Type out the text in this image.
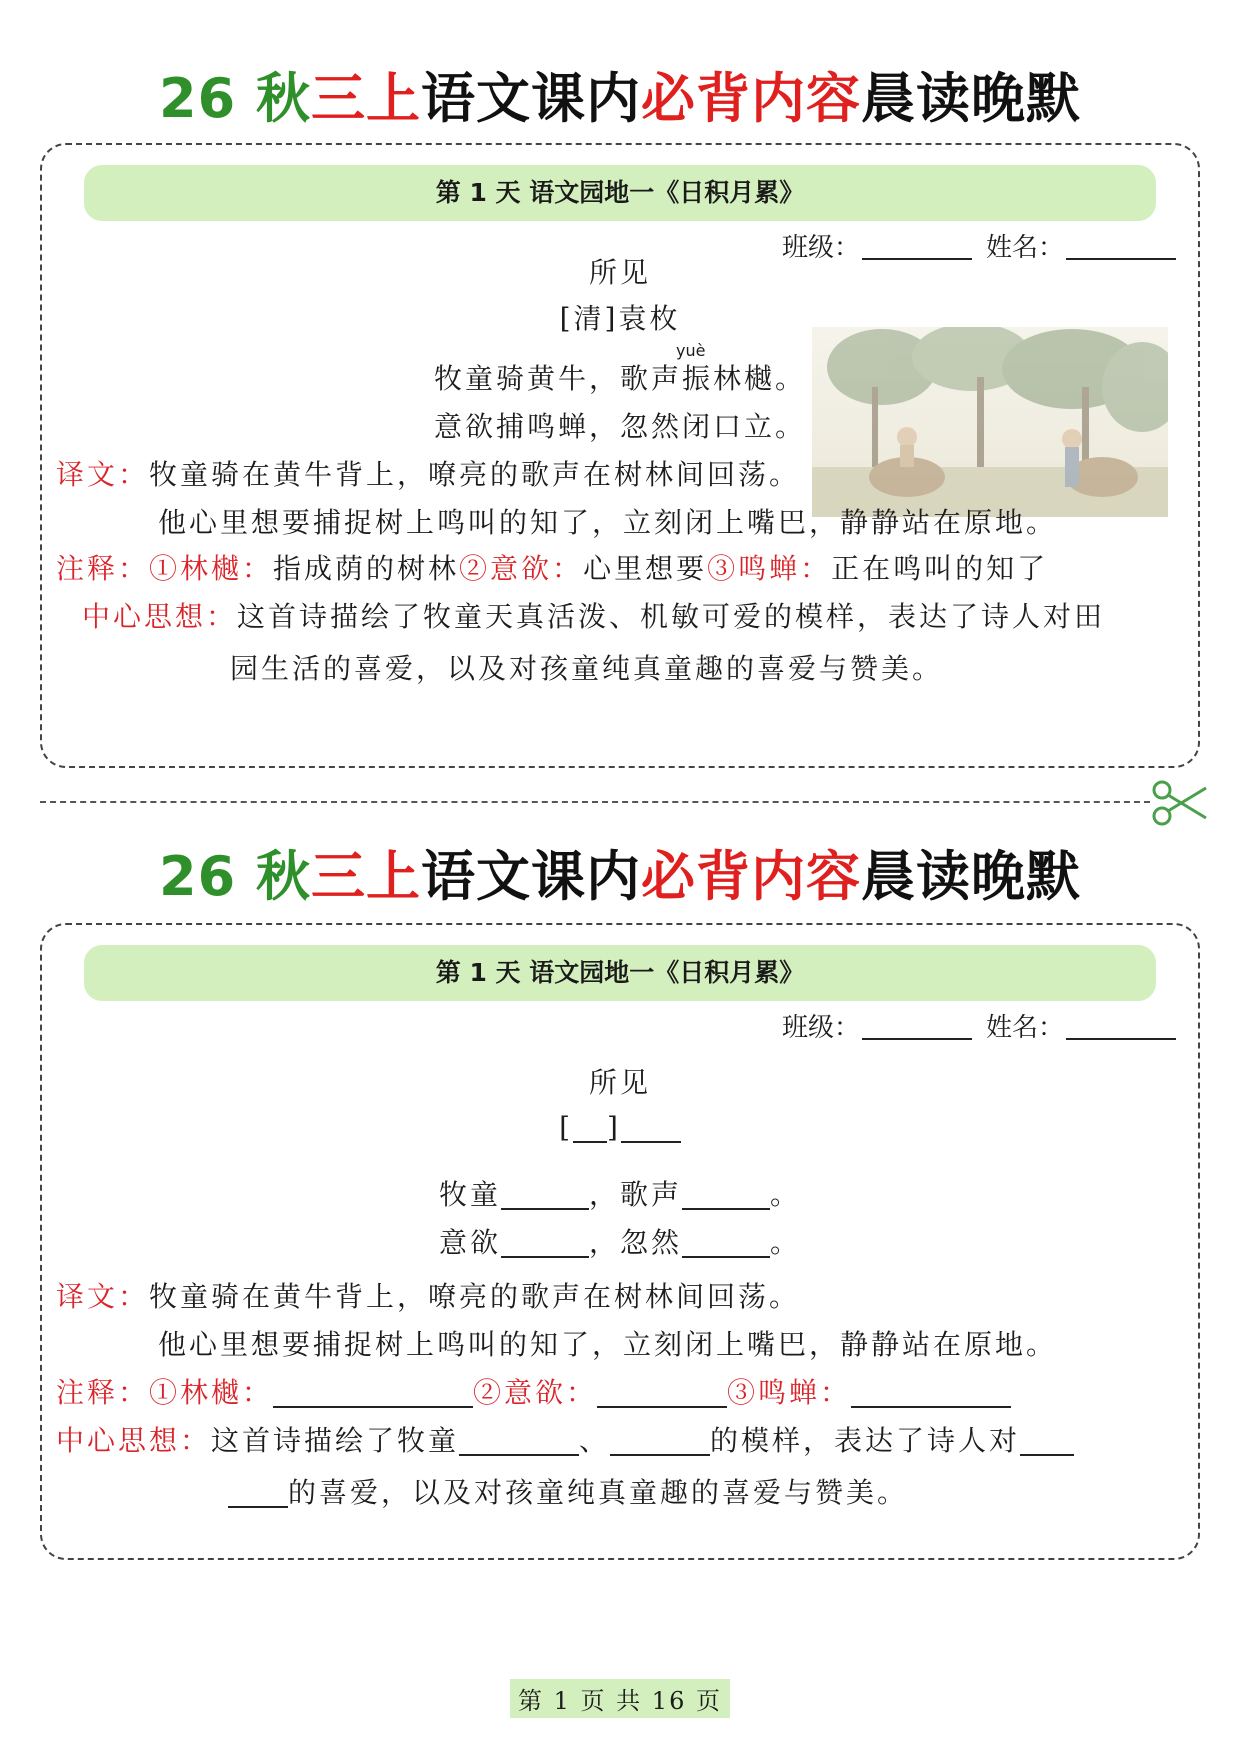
26 秋三上语文课内必背内容晨读晚默
第 1 天 语文园地一《日积月累》
班级：	姓名：
所见
[清]袁枚
牧童骑黄牛，歌声振林樾。
yuè
意欲捕鸣蝉，忽然闭口立。
译文：牧童骑在黄牛背上，嘹亮的歌声在树林间回荡。
他心里想要捕捉树上鸣叫的知了，立刻闭上嘴巴，静静站在原地。
注释：①林樾：指成荫的树林②意欲：心里想要③鸣蝉：正在鸣叫的知了
中心思想：这首诗描绘了牧童天真活泼、机敏可爱的模样，表达了诗人对田
园生活的喜爱，以及对孩童纯真童趣的喜爱与赞美。
26 秋三上语文课内必背内容晨读晚默
第 1 天 语文园地一《日积月累》
班级：	姓名：
所见
[ ]
牧童	，歌声	。
意欲	，忽然	。
译文：牧童骑在黄牛背上，嘹亮的歌声在树林间回荡。
他心里想要捕捉树上鸣叫的知了，立刻闭上嘴巴，静静站在原地。
注释：①林樾：	②意欲：	③鸣蝉：
中心思想：这首诗描绘了牧童	、	的模样，表达了诗人对
的喜爱，以及对孩童纯真童趣的喜爱与赞美。
第 1 页 共 16 页
